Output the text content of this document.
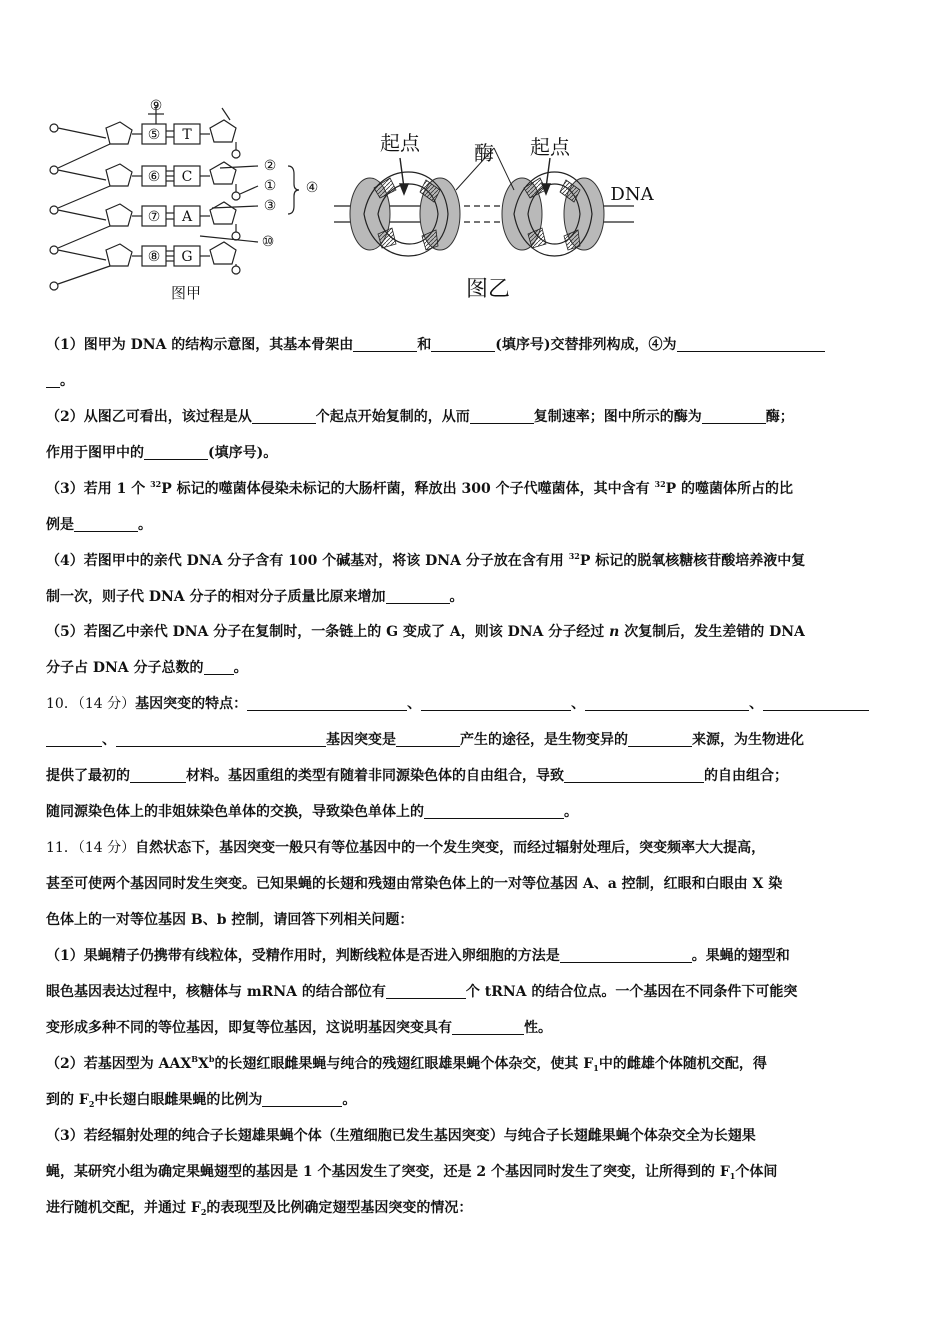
⑤
⑥
⑦
⑧
T
C
A
G
⑨
②
①
③
④
⑩
图甲
起点	酶 起点
DNA
图乙
（1）图甲为 DNA 的结构示意图，其基本骨架由	和	(填序号)交替排列构成，④为
。
（2）从图乙可看出，该过程是从	个起点开始复制的，从而	复制速率；图中所示的酶为	酶；
作用于图甲中的	(填序号)。
（3）若用 1 个 $^{32}$P 标记的噬菌体侵染未标记的大肠杆菌，释放出 300 个子代噬菌体，其中含有 $^{32}$P 的噬菌体所占的比
例是	。
（4）若图甲中的亲代 DNA 分子含有 100 个碱基对，将该 DNA 分子放在含有用 $^{32}$P 标记的脱氧核糖核苷酸培养液中复
制一次，则子代 DNA 分子的相对分子质量比原来增加	。
（5）若图乙中亲代 DNA 分子在复制时，一条链上的 G 变成了 A，则该 DNA 分子经过 n 次复制后，发生差错的 DNA
分子占 DNA 分子总数的 。
10．（14 分）基因突变的特点：	、	、	、
、	基因突变是	产生的途径，是生物变异的	来源，为生物进化
提供了最初的	材料。基因重组的类型有随着非同源染色体的自由组合，导致	的自由组合；
随同源染色体上的非姐妹染色单体的交换，导致染色单体上的	。
11．（14 分）自然状态下，基因突变一般只有等位基因中的一个发生突变，而经过辐射处理后，突变频率大大提高，
甚至可使两个基因同时发生突变。已知果蝇的长翅和残翅由常染色体上的一对等位基因 A、a 控制，红眼和白眼由 X 染
色体上的一对等位基因 B、b 控制，请回答下列相关问题：
（1）果蝇精子仍携带有线粒体，受精作用时，判断线粒体是否进入卵细胞的方法是	。果蝇的翅型和
眼色基因表达过程中，核糖体与 mRNA 的结合部位有	个 tRNA 的结合位点。一个基因在不同条件下可能突
变形成多种不同的等位基因，即复等位基因，这说明基因突变具有	性。
（2）若基因型为 $AAX^BX^b$的长翅红眼雌果蝇与纯合的残翅红眼雄果蝇个体杂交，使其 $F_1$中的雌雄个体随机交配，得
到的 $F_2$中长翅白眼雌果蝇的比例为	。
（3）若经辐射处理的纯合子长翅雄果蝇个体（生殖细胞已发生基因突变）与纯合子长翅雌果蝇个体杂交全为长翅果
蝇，某研究小组为确定果蝇翅型的基因是 1 个基因发生了突变，还是 2 个基因同时发生了突变，让所得到的 $F_1$个体间
进行随机交配，并通过 $F_2$的表现型及比例确定翅型基因突变的情况：
